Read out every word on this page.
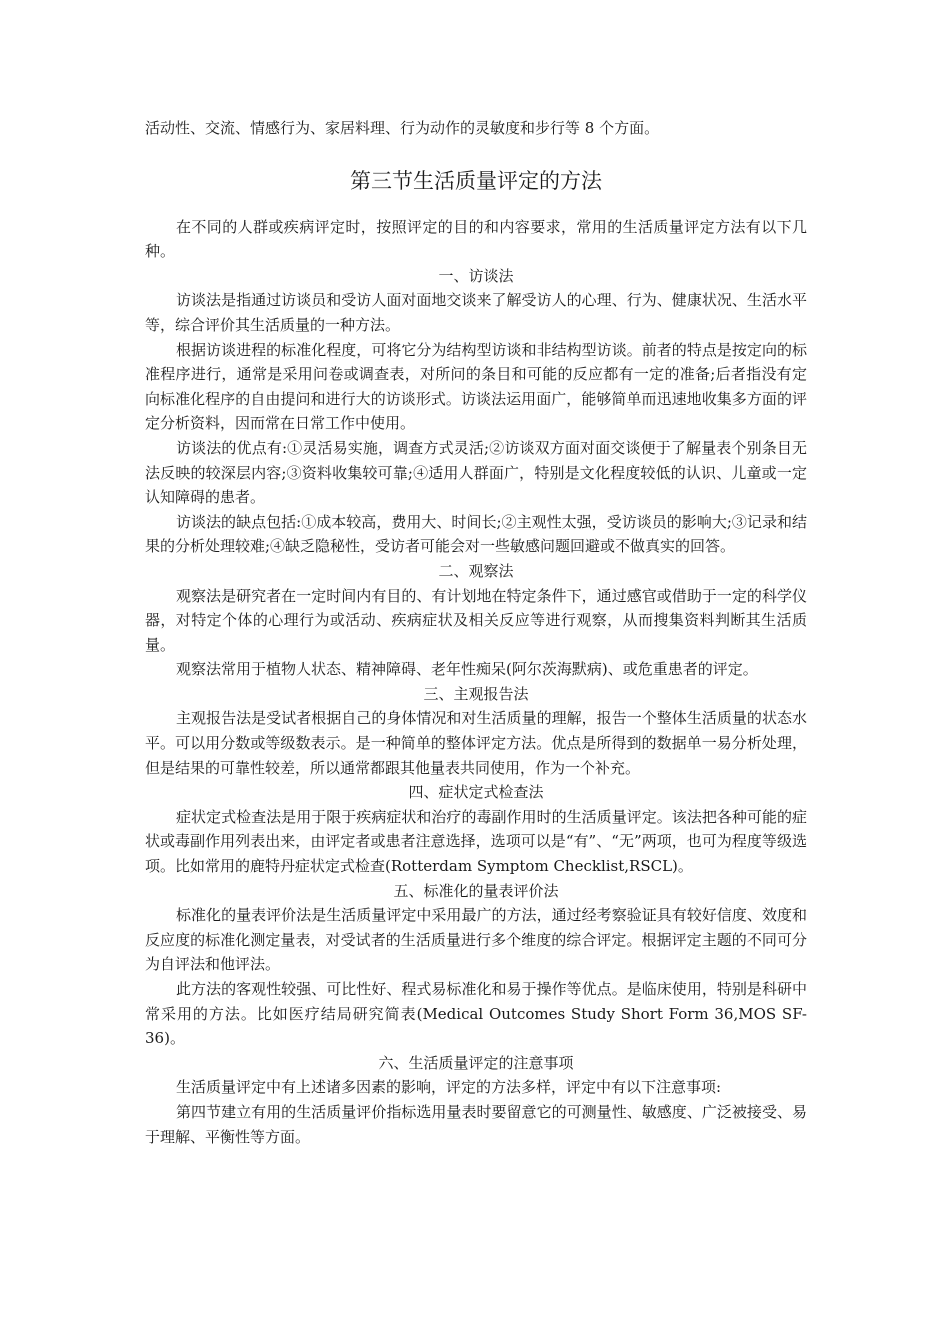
活动性、交流、情感行为、家居料理、行为动作的灵敏度和步行等 8 个方面。

第三节生活质量评定的方法

在不同的人群或疾病评定时，按照评定的目的和内容要求，常用的生活质量评定方法有以下几种。

一、访谈法

访谈法是指通过访谈员和受访人面对面地交谈来了解受访人的心理、行为、健康状况、生活水平等，综合评价其生活质量的一种方法。

根据访谈进程的标准化程度，可将它分为结构型访谈和非结构型访谈。前者的特点是按定向的标准程序进行，通常是采用问卷或调查表，对所问的条目和可能的反应都有一定的准备;后者指没有定向标准化程序的自由提问和进行大的访谈形式。访谈法运用面广，能够简单而迅速地收集多方面的评定分析资料，因而常在日常工作中使用。

访谈法的优点有:①灵活易实施，调查方式灵活;②访谈双方面对面交谈便于了解量表个别条目无法反映的较深层内容;③资料收集较可靠;④适用人群面广，特别是文化程度较低的认识、儿童或一定认知障碍的患者。

访谈法的缺点包括:①成本较高，费用大、时间长;②主观性太强，受访谈员的影响大;③记录和结果的分析处理较难;④缺乏隐秘性，受访者可能会对一些敏感问题回避或不做真实的回答。

二、观察法

观察法是研究者在一定时间内有目的、有计划地在特定条件下，通过感官或借助于一定的科学仪器，对特定个体的心理行为或活动、疾病症状及相关反应等进行观察，从而搜集资料判断其生活质量。

观察法常用于植物人状态、精神障碍、老年性痴呆(阿尔茨海默病)、或危重患者的评定。

三、主观报告法

主观报告法是受试者根据自己的身体情况和对生活质量的理解，报告一个整体生活质量的状态水平。可以用分数或等级数表示。是一种简单的整体评定方法。优点是所得到的数据单一易分析处理，但是结果的可靠性较差，所以通常都跟其他量表共同使用，作为一个补充。

四、症状定式检查法

症状定式检查法是用于限于疾病症状和治疗的毒副作用时的生活质量评定。该法把各种可能的症状或毒副作用列表出来，由评定者或患者注意选择，选项可以是“有”、“无”两项，也可为程度等级选项。比如常用的鹿特丹症状定式检查(Rotterdam Symptom Checklist,RSCL)。

五、标准化的量表评价法

标准化的量表评价法是生活质量评定中采用最广的方法，通过经考察验证具有较好信度、效度和反应度的标准化测定量表，对受试者的生活质量进行多个维度的综合评定。根据评定主题的不同可分为自评法和他评法。

此方法的客观性较强、可比性好、程式易标准化和易于操作等优点。是临床使用，特别是科研中常采用的方法。比如医疗结局研究简表(Medical Outcomes Study Short Form 36,MOS SF-36)。

六、生活质量评定的注意事项

生活质量评定中有上述诸多因素的影响，评定的方法多样，评定中有以下注意事项:

第四节建立有用的生活质量评价指标选用量表时要留意它的可测量性、敏感度、广泛被接受、易于理解、平衡性等方面。
